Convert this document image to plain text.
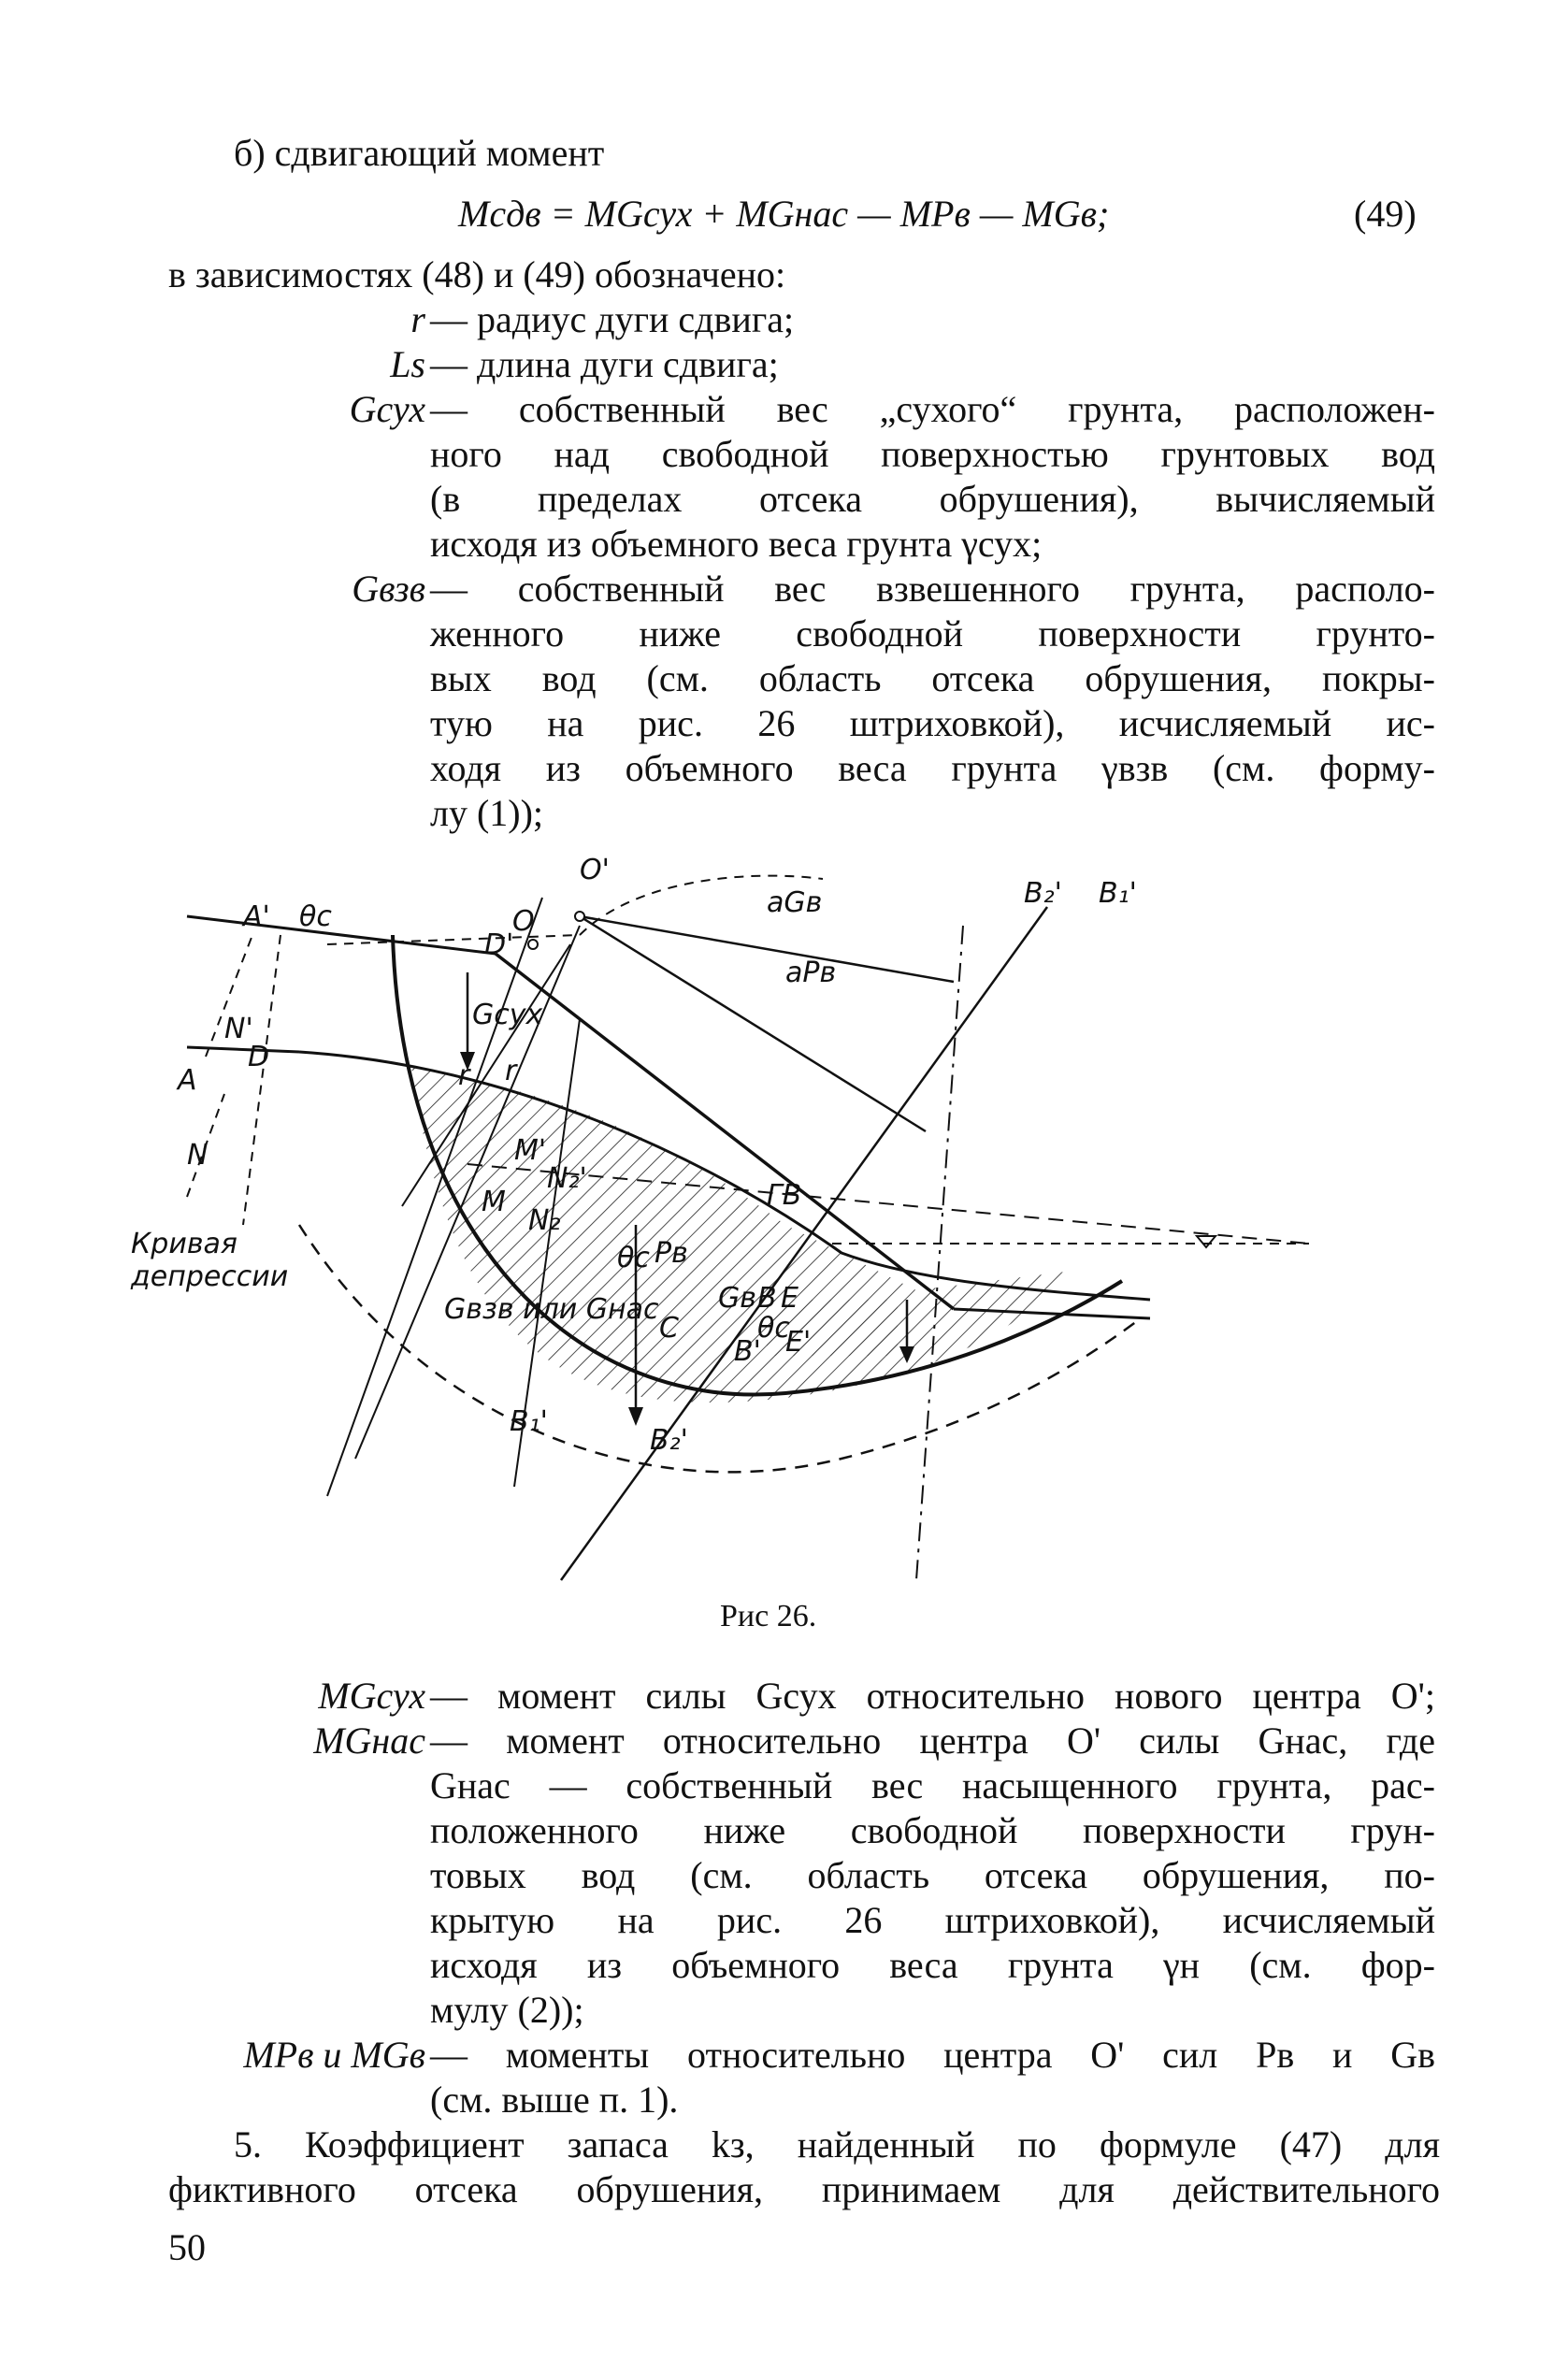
б) сдвигающий момент
Mсдв = MGсух + MGнас — MPв — MGв;	(49)
в зависимостях (48) и (49) обозначено:
r — радиус дуги сдвига;
Ls — длина дуги сдвига;
Gсух — собственный вес „сухого“ грунта, расположен-
ного над свободной поверхностью грунтовых вод
(в пределах отсека обрушения), вычисляемый
исходя из объемного веса грунта γсух;
Gвзв — собственный вес взвешенного грунта, располо-
женного ниже свободной поверхности грунто-
вых вод (см. область отсека обрушения, покры-
тую на рис. 26 штриховкой), исчисляемый ис-
ходя из объемного веса грунта γвзв (см. форму-
лу (1));
O'
O
A' θc
D'
aGв
aPв
B₂' B₁'
N'	Gсух
A
D
r r
N	M'
N₂'
M
N₂
ГВ
θc Pв
Gв B E
C	θc
E'
B'
Кривая
депрессии
Gвзв или Gнас
B₁'
B₂'
Рис 26.
MGсух — момент силы Gсух относительно нового центра O';
MGнас — момент относительно центра O' силы Gнас, где
Gнас — собственный вес насыщенного грунта, рас-
положенного ниже свободной поверхности грун-
товых вод (см. область отсека обрушения, по-
крытую на рис. 26 штриховкой), исчисляемый
исходя из объемного веса грунта γн (см. фор-
мулу (2));
MPв и MGв — моменты относительно центра O' сил Pв и Gв
(см. выше п. 1).
5. Коэффициент запаса kз, найденный по формуле (47) для
фиктивного отсека обрушения, принимаем для действительного
50
